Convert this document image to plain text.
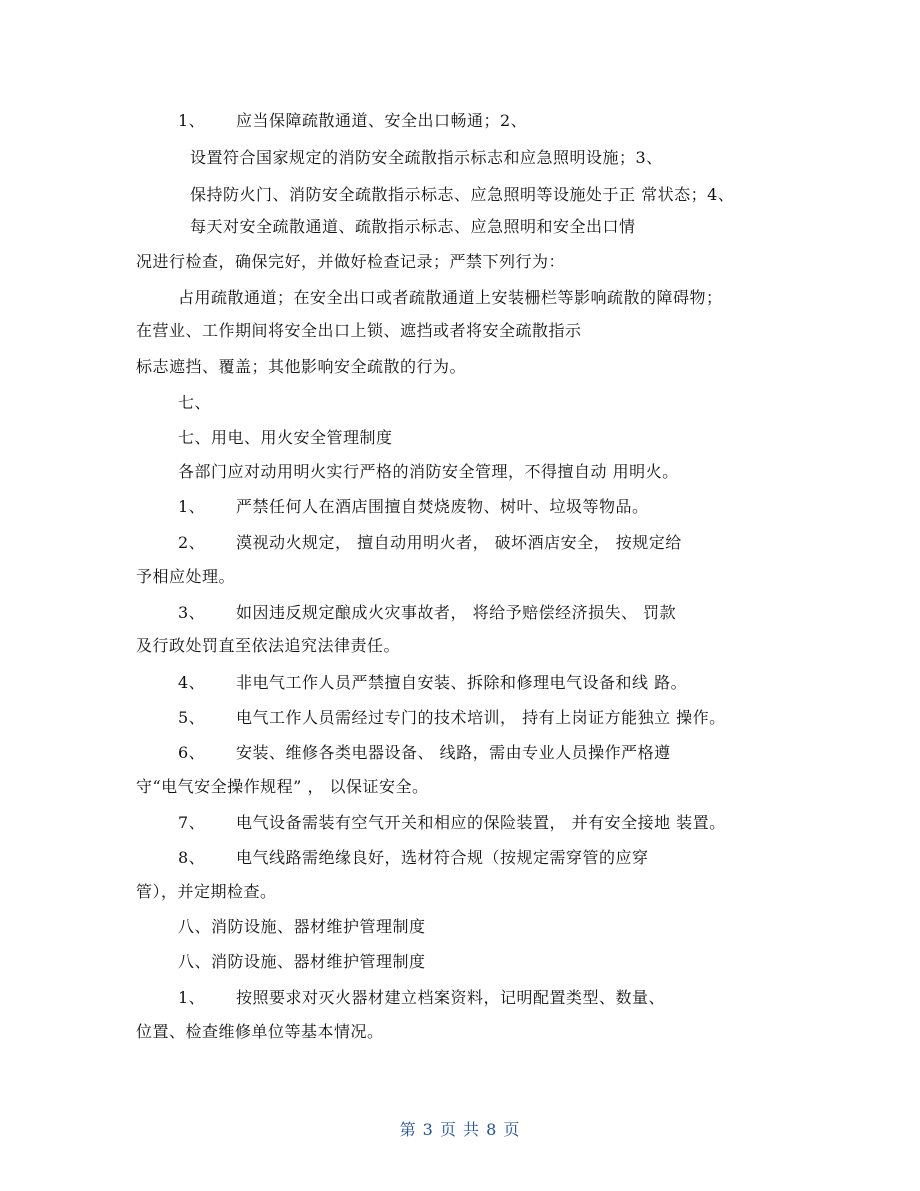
1、 应当保障疏散通道、安全出口畅通；2、
设置符合国家规定的消防安全疏散指示标志和应急照明设施；3、
保持防火门、消防安全疏散指示标志、应急照明等设施处于正 常状态；4、
每天对安全疏散通道、疏散指示标志、应急照明和安全出口情
况进行检查，确保完好，并做好检查记录；严禁下列行为：
占用疏散通道；在安全出口或者疏散通道上安装栅栏等影响疏散的障碍物；
在营业、工作期间将安全出口上锁、遮挡或者将安全疏散指示
标志遮挡、覆盖；其他影响安全疏散的行为。
七、
七、用电、用火安全管理制度
各部门应对动用明火实行严格的消防安全管理，不得擅自动 用明火。
1、 严禁任何人在酒店围擅自焚烧废物、树叶、垃圾等物品。
2、 漠视动火规定， 擅自动用明火者， 破坏酒店安全， 按规定给
予相应处理。
3、 如因违反规定酿成火灾事故者， 将给予赔偿经济损失、 罚款
及行政处罚直至依法追究法律责任。
4、 非电气工作人员严禁擅自安装、拆除和修理电气设备和线 路。
5、 电气工作人员需经过专门的技术培训， 持有上岗证方能独立 操作。
6、 安装、维修各类电器设备、 线路，需由专业人员操作严格遵
守“电气安全操作规程” ， 以保证安全。
7、 电气设备需装有空气开关和相应的保险装置， 并有安全接地 装置。
8、 电气线路需绝缘良好，选材符合规（按规定需穿管的应穿
管），并定期检查。
八、消防设施、器材维护管理制度
八、消防设施、器材维护管理制度
1、 按照要求对灭火器材建立档案资料，记明配置类型、数量、
位置、检查维修单位等基本情况。
第 3 页 共 8 页
